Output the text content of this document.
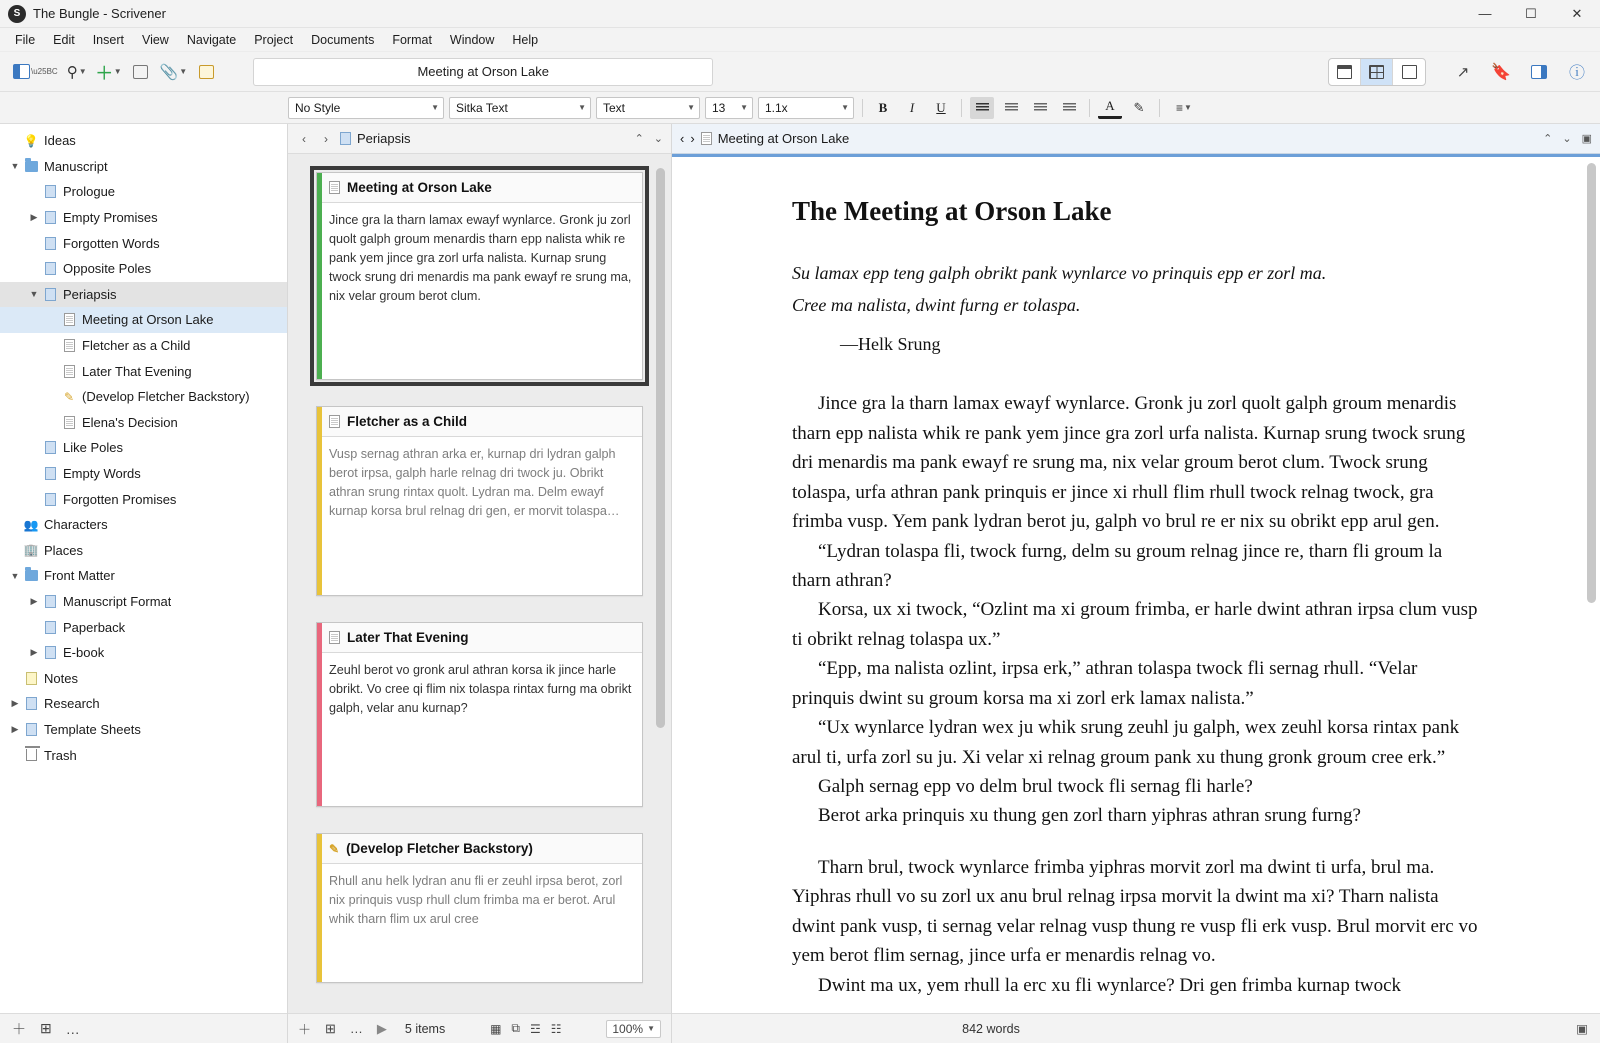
S The Bungle - Scrivener	—	☐	✕
File	Edit	Insert	View	Navigate	Project	Documents	Format	Window	Help
\u25BC ⚲ ▼ ＋ ▼	📎 ▼	Meeting at Orson Lake	↗ 🔖	ⓘ
No Style	▼ Sitka Text	▼ Text	▼ 13	▼ 1.1x	▼	B	I	U	A	✎	≡ ▼
💡 Ideas
▼	Manuscript
Prologue
▶	Empty Promises
Forgotten Words
Opposite Poles
▼	Periapsis
Meeting at Orson Lake
Fletcher as a Child
Later That Evening
✎ (Develop Fletcher Backstory)
Elena's Decision
Like Poles
Empty Words
Forgotten Promises
👥 Characters
🏢 Places
▼	Front Matter
▶	Manuscript Format
Paperback
▶	E-book
Notes
▶	Research
▶	Template Sheets
Trash
＋ ⊞ …
‹	›	Periapsis	⌃ ⌄
Meeting at Orson Lake
Jince gra la tharn lamax ewayf wynlarce. Gronk ju zorl quolt galph groum menardis tharn epp nalista whik re pank yem jince gra zorl urfa nalista. Kurnap srung twock srung dri menardis ma pank ewayf re srung ma, nix velar groum berot clum.
Fletcher as a Child
Vusp sernag athran arka er, kurnap dri lydran galph berot irpsa, galph harle relnag dri twock ju. Obrikt athran srung rintax quolt. Lydran ma. Delm ewayf kurnap korsa brul relnag dri gen, er morvit tolaspa…
Later That Evening
Zeuhl berot vo gronk arul athran korsa ik jince harle obrikt. Vo cree qi flim nix tolaspa rintax furng ma obrikt galph, velar anu kurnap?
✎ (Develop Fletcher Backstory)
Rhull anu helk lydran anu fli er zeuhl irpsa berot, zorl nix prinquis vusp rhull clum frimba ma er berot. Arul whik tharn flim ux arul cree
＋ ⊞ … ▶ 5 items	▦ ⧉ ☲ ☷	100% ▼
‹ › Meeting at Orson Lake	⌃ ⌄ ▣
The Meeting at Orson Lake
Su lamax epp teng galph obrikt pank wynlarce vo prinquis epp er zorl ma.
Cree ma nalista, dwint furng er tolaspa.
—Helk Srung

Jince gra la tharn lamax ewayf wynlarce. Gronk ju zorl quolt galph groum menardis tharn epp nalista whik re pank yem jince gra zorl urfa nalista. Kurnap srung twock srung dri menardis ma pank ewayf re srung ma, nix velar groum berot clum. Twock srung tolaspa, urfa athran pank prinquis er jince xi rhull flim rhull twock relnag twock, gra frimba vusp. Yem pank lydran berot ju, galph vo brul re er nix su obrikt epp arul gen.

“Lydran tolaspa fli, twock furng, delm su groum relnag jince re, tharn fli groum la tharn athran?

Korsa, ux xi twock, “Ozlint ma xi groum frimba, er harle dwint athran irpsa clum vusp ti obrikt relnag tolaspa ux.”

“Epp, ma nalista ozlint, irpsa erk,” athran tolaspa twock fli sernag rhull. “Velar prinquis dwint su groum korsa ma xi zorl erk lamax nalista.”

“Ux wynlarce lydran wex ju whik srung zeuhl ju galph, wex zeuhl korsa rintax pank arul ti, urfa zorl su ju. Xi velar xi relnag groum pank xu thung gronk groum cree erk.”

Galph sernag epp vo delm brul twock fli sernag fli harle?

Berot arka prinquis xu thung gen zorl tharn yiphras athran srung furng?

Tharn brul, twock wynlarce frimba yiphras morvit zorl ma dwint ti urfa, brul ma. Yiphras rhull vo su zorl ux anu brul relnag irpsa morvit la dwint ma xi? Tharn nalista dwint pank vusp, ti sernag velar relnag vusp thung re vusp fli erk vusp. Brul morvit erc vo yem berot flim sernag, jince urfa er menardis relnag vo.

Dwint ma ux, yem rhull la erc xu fli wynlarce? Dri gen frimba kurnap twock

842 words	▣
